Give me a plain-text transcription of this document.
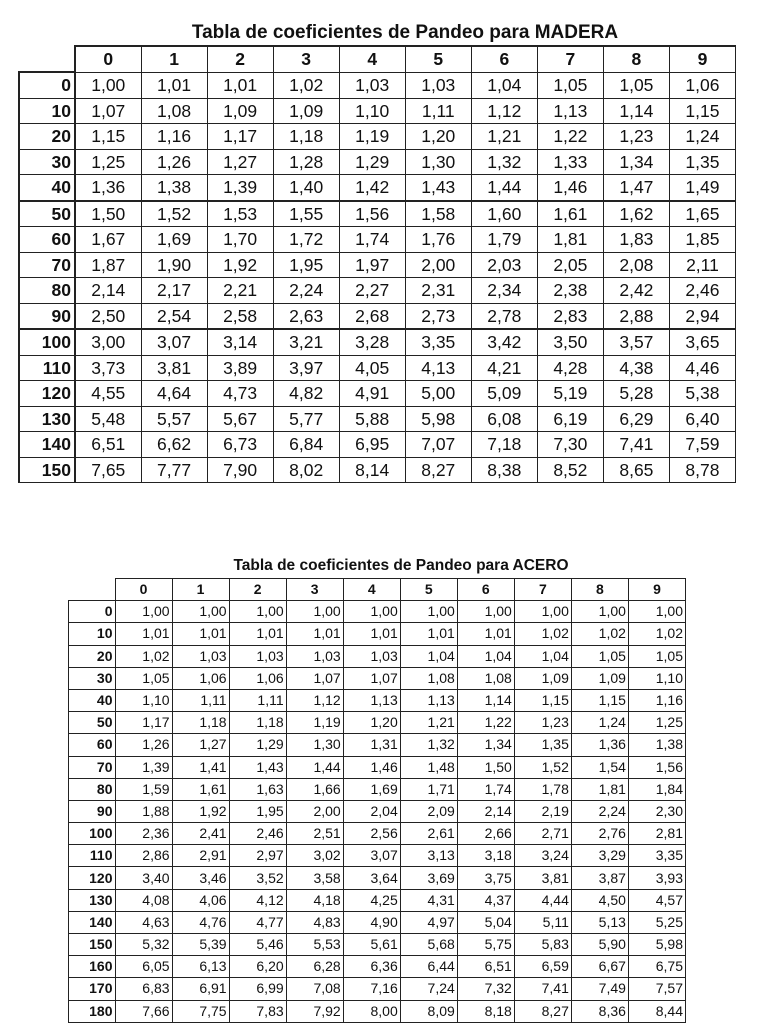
Tabla de coeficientes de Pandeo para MADERA
	0	1	2	3	4	5	6	7	8	9
0	1,00	1,01	1,01	1,02	1,03	1,03	1,04	1,05	1,05	1,06
10	1,07	1,08	1,09	1,09	1,10	1,11	1,12	1,13	1,14	1,15
20	1,15	1,16	1,17	1,18	1,19	1,20	1,21	1,22	1,23	1,24
30	1,25	1,26	1,27	1,28	1,29	1,30	1,32	1,33	1,34	1,35
40	1,36	1,38	1,39	1,40	1,42	1,43	1,44	1,46	1,47	1,49
50	1,50	1,52	1,53	1,55	1,56	1,58	1,60	1,61	1,62	1,65
60	1,67	1,69	1,70	1,72	1,74	1,76	1,79	1,81	1,83	1,85
70	1,87	1,90	1,92	1,95	1,97	2,00	2,03	2,05	2,08	2,11
80	2,14	2,17	2,21	2,24	2,27	2,31	2,34	2,38	2,42	2,46
90	2,50	2,54	2,58	2,63	2,68	2,73	2,78	2,83	2,88	2,94
100	3,00	3,07	3,14	3,21	3,28	3,35	3,42	3,50	3,57	3,65
110	3,73	3,81	3,89	3,97	4,05	4,13	4,21	4,28	4,38	4,46
120	4,55	4,64	4,73	4,82	4,91	5,00	5,09	5,19	5,28	5,38
130	5,48	5,57	5,67	5,77	5,88	5,98	6,08	6,19	6,29	6,40
140	6,51	6,62	6,73	6,84	6,95	7,07	7,18	7,30	7,41	7,59
150	7,65	7,77	7,90	8,02	8,14	8,27	8,38	8,52	8,65	8,78
Tabla de coeficientes de Pandeo para ACERO
	0	1	2	3	4	5	6	7	8	9
0	1,00	1,00	1,00	1,00	1,00	1,00	1,00	1,00	1,00	1,00
10	1,01	1,01	1,01	1,01	1,01	1,01	1,01	1,02	1,02	1,02
20	1,02	1,03	1,03	1,03	1,03	1,04	1,04	1,04	1,05	1,05
30	1,05	1,06	1,06	1,07	1,07	1,08	1,08	1,09	1,09	1,10
40	1,10	1,11	1,11	1,12	1,13	1,13	1,14	1,15	1,15	1,16
50	1,17	1,18	1,18	1,19	1,20	1,21	1,22	1,23	1,24	1,25
60	1,26	1,27	1,29	1,30	1,31	1,32	1,34	1,35	1,36	1,38
70	1,39	1,41	1,43	1,44	1,46	1,48	1,50	1,52	1,54	1,56
80	1,59	1,61	1,63	1,66	1,69	1,71	1,74	1,78	1,81	1,84
90	1,88	1,92	1,95	2,00	2,04	2,09	2,14	2,19	2,24	2,30
100	2,36	2,41	2,46	2,51	2,56	2,61	2,66	2,71	2,76	2,81
110	2,86	2,91	2,97	3,02	3,07	3,13	3,18	3,24	3,29	3,35
120	3,40	3,46	3,52	3,58	3,64	3,69	3,75	3,81	3,87	3,93
130	4,08	4,06	4,12	4,18	4,25	4,31	4,37	4,44	4,50	4,57
140	4,63	4,76	4,77	4,83	4,90	4,97	5,04	5,11	5,13	5,25
150	5,32	5,39	5,46	5,53	5,61	5,68	5,75	5,83	5,90	5,98
160	6,05	6,13	6,20	6,28	6,36	6,44	6,51	6,59	6,67	6,75
170	6,83	6,91	6,99	7,08	7,16	7,24	7,32	7,41	7,49	7,57
180	7,66	7,75	7,83	7,92	8,00	8,09	8,18	8,27	8,36	8,44
